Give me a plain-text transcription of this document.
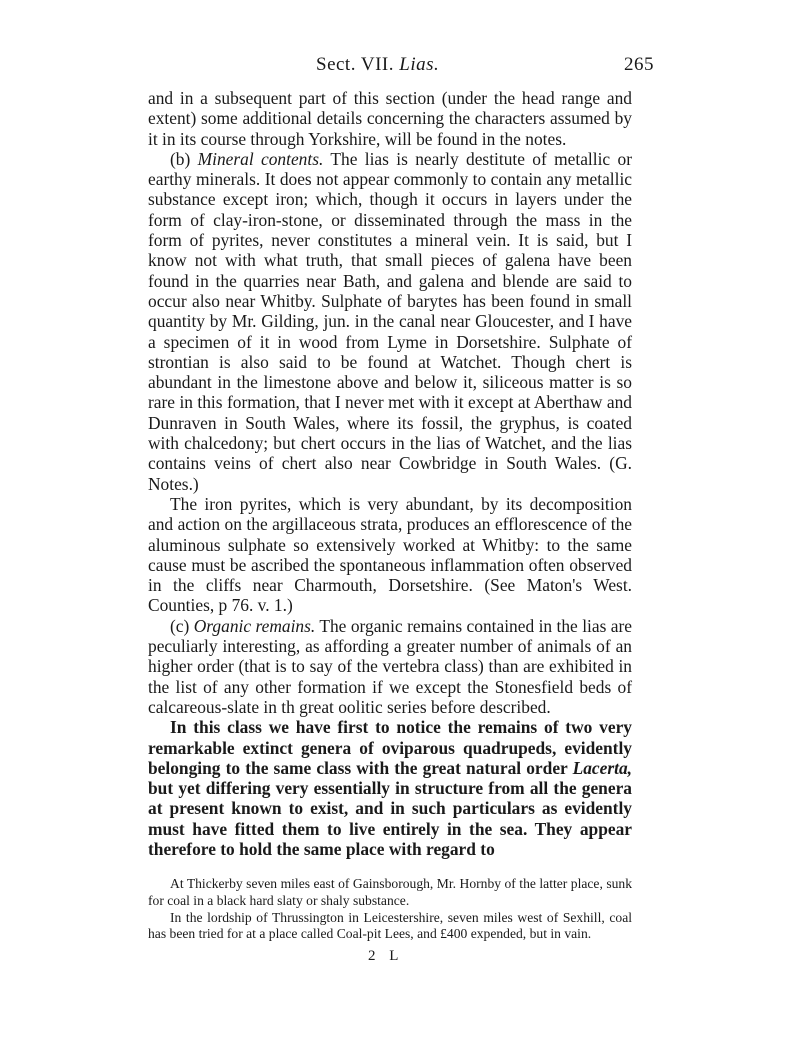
Sect. VII. Lias.	265

and in a subsequent part of this section (under the head range and extent) some additional details concerning the characters assumed by it in its course through Yorkshire, will be found in the notes.

(b) Mineral contents. The lias is nearly destitute of metallic or earthy minerals. It does not appear commonly to contain any metallic substance except iron; which, though it occurs in layers under the form of clay-iron-stone, or disseminated through the mass in the form of pyrites, never constitutes a mineral vein. It is said, but I know not with what truth, that small pieces of galena have been found in the quarries near Bath, and galena and blende are said to occur also near Whitby. Sulphate of barytes has been found in small quantity by Mr. Gilding, jun. in the canal near Gloucester, and I have a specimen of it in wood from Lyme in Dorsetshire. Sulphate of strontian is also said to be found at Watchet. Though chert is abundant in the limestone above and below it, siliceous matter is so rare in this formation, that I never met with it except at Aberthaw and Dunraven in South Wales, where its fossil, the gryphus, is coated with chalcedony; but chert occurs in the lias of Watchet, and the lias contains veins of chert also near Cowbridge in South Wales. (G. Notes.)

The iron pyrites, which is very abundant, by its decomposition and action on the argillaceous strata, produces an efflorescence of the aluminous sulphate so extensively worked at Whitby: to the same cause must be ascribed the spontaneous inflammation often observed in the cliffs near Charmouth, Dorsetshire. (See Maton's West. Counties, p 76. v. 1.)

(c) Organic remains. The organic remains contained in the lias are peculiarly interesting, as affording a greater number of animals of an higher order (that is to say of the vertebra class) than are exhibited in the list of any other formation if we except the Stonesfield beds of calcareous-slate in th great oolitic series before described.

In this class we have first to notice the remains of two very remarkable extinct genera of oviparous quadrupeds, evidently belonging to the same class with the great natural order Lacerta, but yet differing very essentially in structure from all the genera at present known to exist, and in such particulars as evidently must have fitted them to live entirely in the sea. They appear therefore to hold the same place with regard to

At Thickerby seven miles east of Gainsborough, Mr. Hornby of the latter place, sunk for coal in a black hard slaty or shaly substance.

In the lordship of Thrussington in Leicestershire, seven miles west of Sexhill, coal has been tried for at a place called Coal-pit Lees, and £400 expended, but in vain.

2 L
